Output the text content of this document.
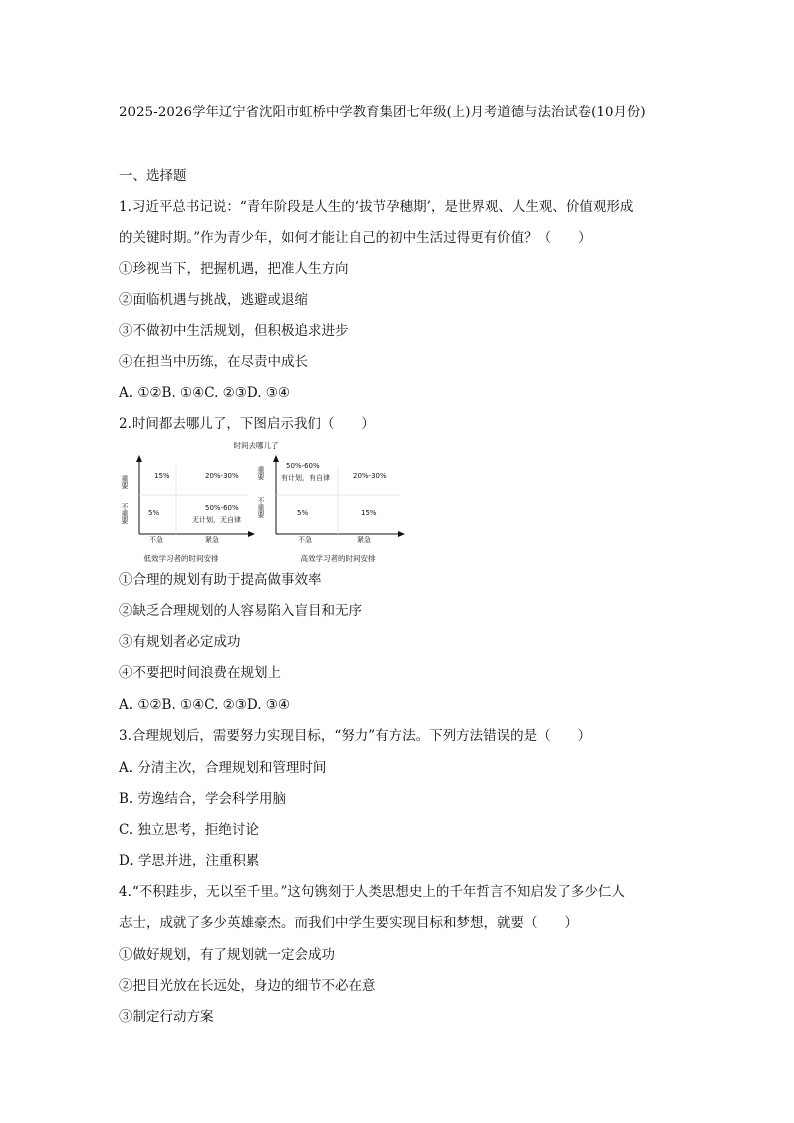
2025-2026学年辽宁省沈阳市虹桥中学教育集团七年级(上)月考道德与法治试卷(10月份)
一、选择题
1.习近平总书记说：“青年阶段是人生的‘拔节孕穗期’，是世界观、人生观、价值观形成
的关键时期。”作为青少年，如何才能让自己的初中生活过得更有价值？（　　）
①珍视当下，把握机遇，把准人生方向
②面临机遇与挑战，逃避或退缩
③不做初中生活规划，但积极追求进步
④在担当中历练，在尽责中成长
A. ①②B. ①④C. ②③D. ③④
2.时间都去哪儿了，下图启示我们（　　）
时间去哪儿了
重要
不重要
15%	20%-30%
5%
50%-60%
无计划，无自律
不急	紧急
低效学习者的时间安排
重要
不重要
50%-60%
有计划，有自律	20%-30%
5%	15%
不急	紧急
高效学习者的时间安排
①合理的规划有助于提高做事效率
②缺乏合理规划的人容易陷入盲目和无序
③有规划者必定成功
④不要把时间浪费在规划上
A. ①②B. ①④C. ②③D. ③④
3.合理规划后，需要努力实现目标，“努力”有方法。下列方法错误的是（　　）
A. 分清主次，合理规划和管理时间
B. 劳逸结合，学会科学用脑
C. 独立思考，拒绝讨论
D. 学思并进，注重积累
4.“不积跬步，无以至千里。”这句镌刻于人类思想史上的千年哲言不知启发了多少仁人
志士，成就了多少英雄豪杰。而我们中学生要实现目标和梦想，就要（　　）
①做好规划，有了规划就一定会成功
②把目光放在长远处，身边的细节不必在意
③制定行动方案
